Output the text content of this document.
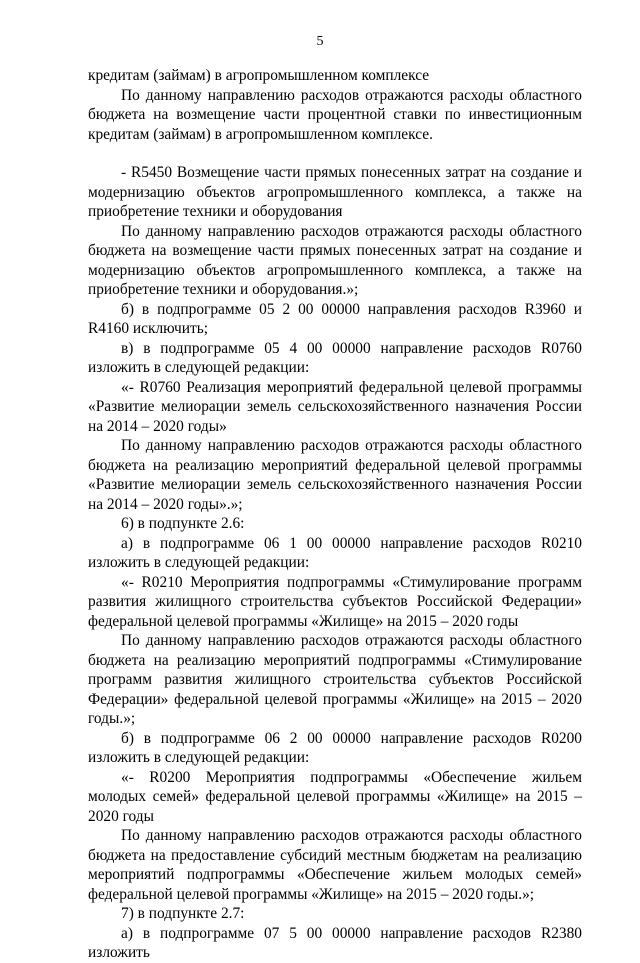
5

кредитам (займам) в агропромышленном комплексе

По данному направлению расходов отражаются расходы областного бюджета на возмещение части процентной ставки по инвестиционным кредитам (займам) в агропромышленном комплексе.

- R5450 Возмещение части прямых понесенных затрат на создание и модернизацию объектов агропромышленного комплекса, а также на приобретение техники и оборудования

По данному направлению расходов отражаются расходы областного бюджета на возмещение части прямых понесенных затрат на создание и модернизацию объектов агропромышленного комплекса, а также на приобретение техники и оборудования.»;

б) в подпрограмме 05 2 00 00000 направления расходов R3960 и R4160 исключить;

в) в подпрограмме 05 4 00 00000 направление расходов R0760 изложить в следующей редакции:

«- R0760 Реализация мероприятий федеральной целевой программы «Развитие мелиорации земель сельскохозяйственного назначения России на 2014 – 2020 годы»

По данному направлению расходов отражаются расходы областного бюджета на реализацию мероприятий федеральной целевой программы «Развитие мелиорации земель сельскохозяйственного назначения России на 2014 – 2020 годы».»;

6) в подпункте 2.6:

а) в подпрограмме 06 1 00 00000 направление расходов R0210 изложить в следующей редакции:

«- R0210 Мероприятия подпрограммы «Стимулирование программ развития жилищного строительства субъектов Российской Федерации» федеральной целевой программы «Жилище» на 2015 – 2020 годы

По данному направлению расходов отражаются расходы областного бюджета на реализацию мероприятий подпрограммы «Стимулирование программ развития жилищного строительства субъектов Российской Федерации» федеральной целевой программы «Жилище» на 2015 – 2020 годы.»;

б) в подпрограмме 06 2 00 00000 направление расходов R0200 изложить в следующей редакции:

«- R0200 Мероприятия подпрограммы «Обеспечение жильем молодых семей» федеральной целевой программы «Жилище» на 2015 – 2020 годы

По данному направлению расходов отражаются расходы областного бюджета на предоставление субсидий местным бюджетам на реализацию мероприятий подпрограммы «Обеспечение жильем молодых семей» федеральной целевой программы «Жилище» на 2015 – 2020 годы.»;

7) в подпункте 2.7:

а) в подпрограмме 07 5 00 00000 направление расходов R2380 изложить
